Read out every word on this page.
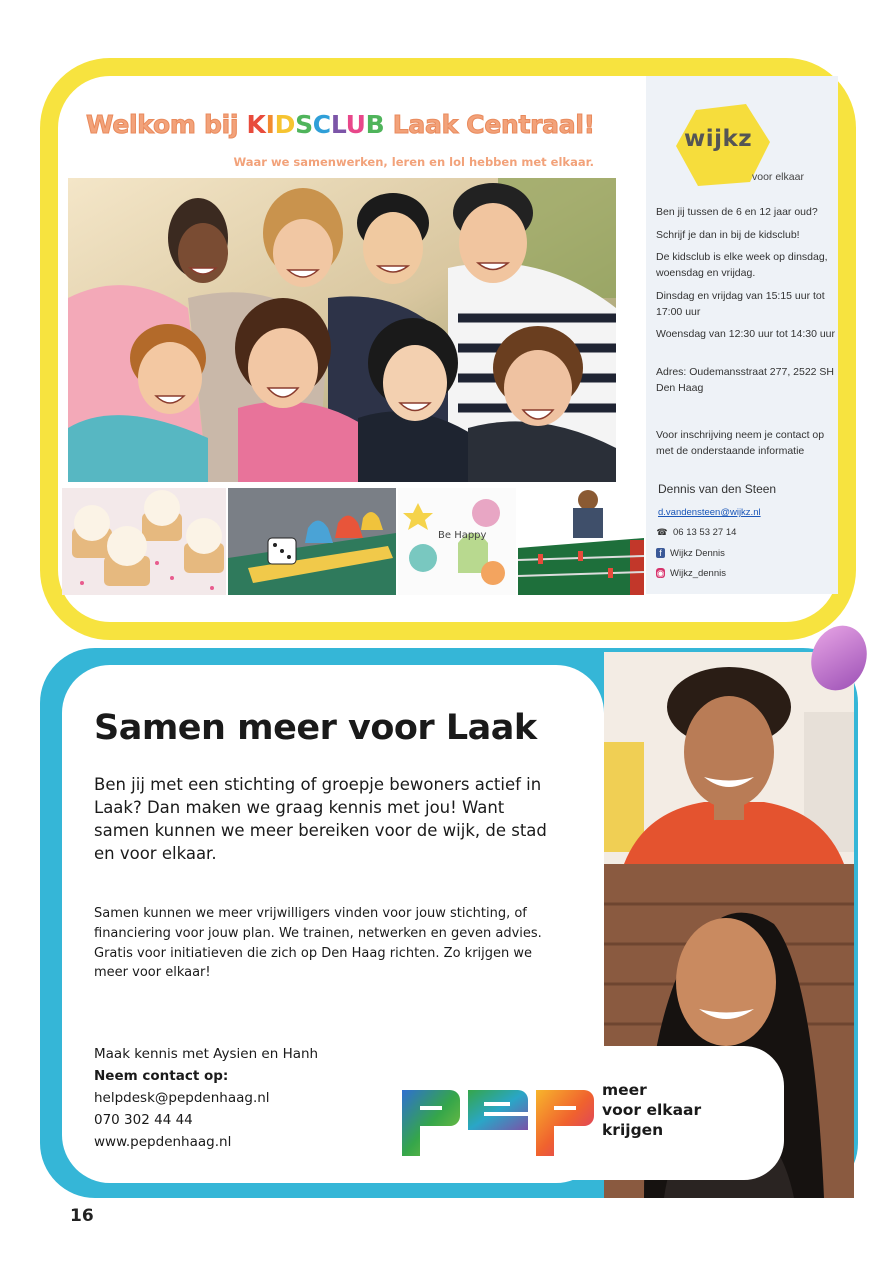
Welkom bij KIDSCLUB Laak Centraal!
Waar we samenwerken, leren en lol hebben met elkaar.
Be Happy
wijkz
voor elkaar
Ben jij tussen de 6 en 12 jaar oud?
Schrijf je dan in bij de kidsclub!
De kidsclub is elke week op dinsdag, woensdag en vrijdag.
Dinsdag en vrijdag van 15:15 uur tot 17:00 uur
Woensdag van 12:30 uur tot 14:30 uur
Adres: Oudemansstraat 277, 2522 SH Den Haag
Voor inschrijving neem je contact op met de onderstaande informatie
Dennis van den Steen
d.vandensteen@wijkz.nl
☎ 06 13 53 27 14
f Wijkz Dennis
◉ Wijkz_dennis
Samen meer voor Laak
Ben jij met een stichting of groepje bewoners actief in Laak? Dan maken we graag kennis met jou! Want samen kunnen we meer bereiken voor de wijk, de stad en voor elkaar.
Samen kunnen we meer vrijwilligers vinden voor jouw stichting, of financiering voor jouw plan. We trainen, netwerken en geven advies. Gratis voor initiatieven die zich op Den Haag richten. Zo krijgen we meer voor elkaar!
Maak kennis met Aysien en Hanh
Neem contact op:
helpdesk@pepdenhaag.nl
070 302 44 44
www.pepdenhaag.nl
meer
voor elkaar
krijgen
16
